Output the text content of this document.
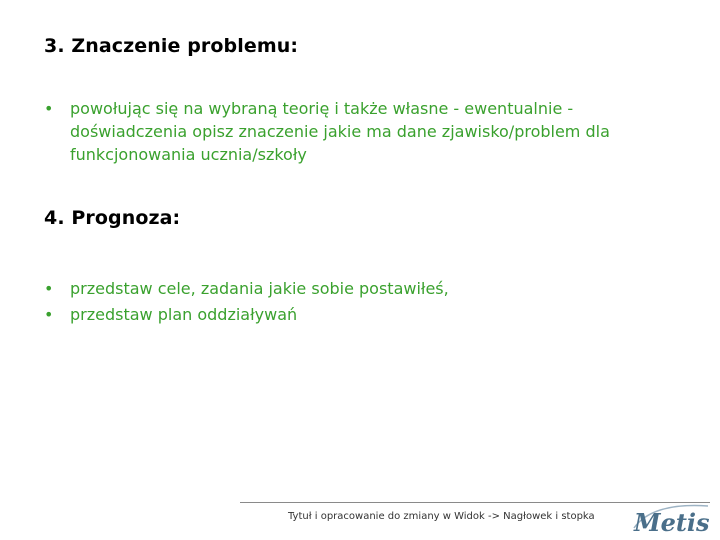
3. Znaczenie problemu:
• powołując się na wybraną teorię i także własne - ewentualnie - doświadczenia opisz znaczenie jakie ma dane zjawisko/problem dla funkcjonowania ucznia/szkoły
4. Prognoza:
• przedstaw cele, zadania jakie sobie postawiłeś,
• przedstaw plan oddziaływań
Tytuł i opracowanie do zmiany w Widok -> Nagłowek i stopka Metis
